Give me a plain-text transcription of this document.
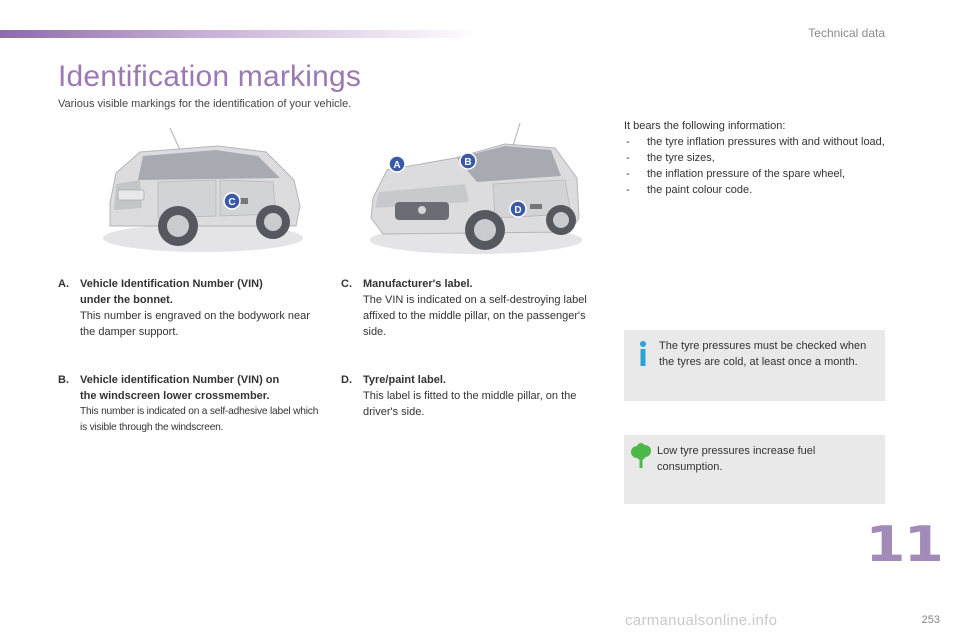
Technical data
Identification markings
Various visible markings for the identification of your vehicle.
C
A	B
D
A. Vehicle Identification Number (VIN)
under the bonnet.
This number is engraved on the bodywork near the damper support.
B. Vehicle identification Number (VIN) on
the windscreen lower crossmember.
This number is indicated on a self-adhesive label which is visible through the windscreen.
C. Manufacturer's label.
The VIN is indicated on a self-destroying label affixed to the middle pillar, on the passenger's side.
D. Tyre/paint label.
This label is fitted to the middle pillar, on the driver's side.
It bears the following information:
- the tyre inflation pressures with and without load,
- the tyre sizes,
- the inflation pressure of the spare wheel,
- the paint colour code.
The tyre pressures must be checked when the tyres are cold, at least once a month.
Low tyre pressures increase fuel consumption.
11
253
carmanualsonline.info
